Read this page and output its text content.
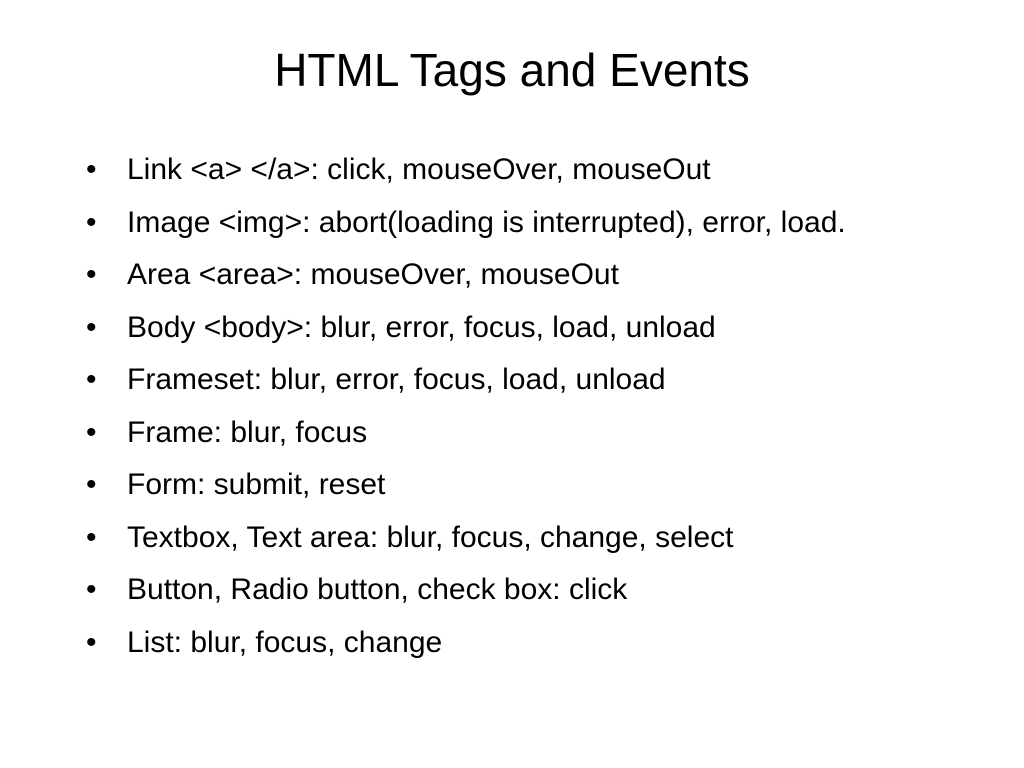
HTML Tags and Events
•	Link <a> </a>: click, mouseOver, mouseOut
•	Image <img>: abort(loading is interrupted), error, load.
•	Area <area>: mouseOver, mouseOut
•	Body <body>: blur, error, focus, load, unload
•	Frameset: blur, error, focus, load, unload
•	Frame: blur, focus
•	Form: submit, reset
•	Textbox, Text area: blur, focus, change, select
•	Button, Radio button, check box: click
•	List: blur, focus, change
